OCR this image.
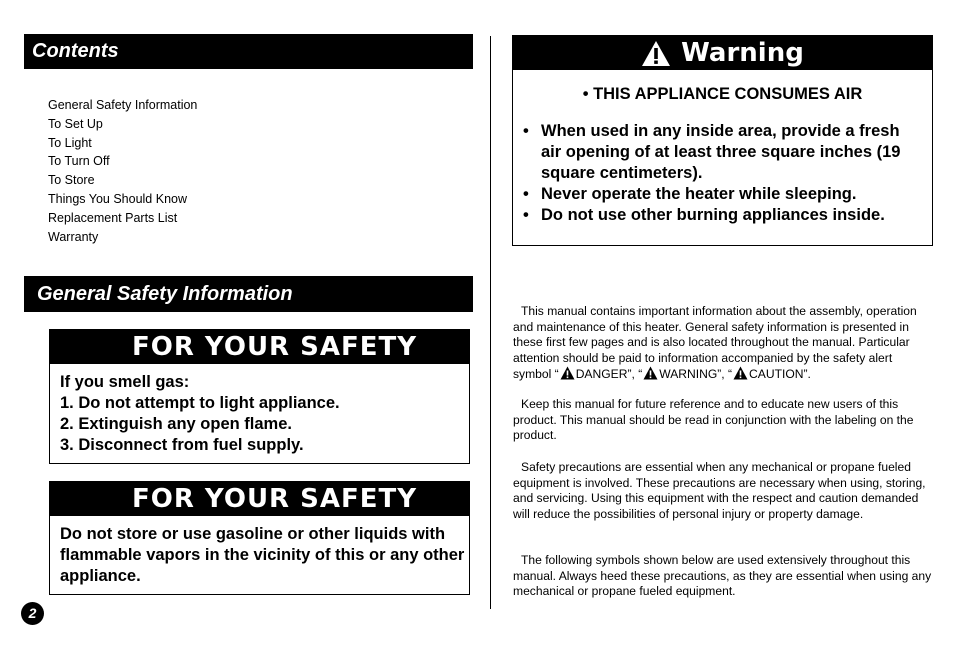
Contents
General Safety Information
To Set Up
To Light
To Turn Off
To Store
Things You Should Know
Replacement Parts List
Warranty
General Safety Information
FOR YOUR SAFETY
If you smell gas:
1. Do not attempt to light appliance.
2. Extinguish any open flame.
3. Disconnect from fuel supply.
FOR YOUR SAFETY
Do not store or use gasoline or other liquids with
flammable vapors in the vicinity of this or any other
appliance.
2
Warning
• THIS APPLIANCE CONSUMES AIR
• When used in any inside area, provide a fresh air opening of at least three square inches (19 square centimeters).
• Never operate the heater while sleeping.
• Do not use other burning appliances inside.

This manual contains important information about the assembly, operation and maintenance of this heater. General safety information is presented in these first few pages and is also located throughout the manual. Particular attention should be paid to information accompanied by the safety alert symbol “ DANGER”, “ WARNING”, “ CAUTION”.

Keep this manual for future reference and to educate new users of this product. This manual should be read in conjunction with the labeling on the product.

Safety precautions are essential when any mechanical or propane fueled equipment is involved. These precautions are necessary when using, storing, and servicing. Using this equipment with the respect and caution demanded will reduce the possibilities of personal injury or property damage.

The following symbols shown below are used extensively throughout this manual. Always heed these precautions, as they are essential when using any mechanical or propane fueled equipment.
